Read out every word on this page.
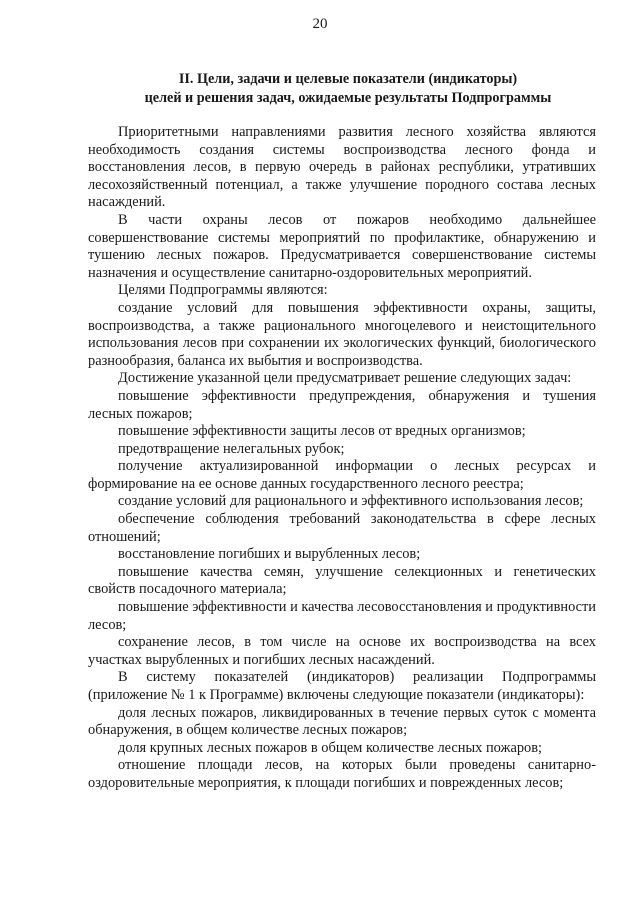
20
II. Цели, задачи и целевые показатели (индикаторы)
целей и решения задач, ожидаемые результаты Подпрограммы

Приоритетными направлениями развития лесного хозяйства являются необходимость создания системы воспроизводства лесного фонда и восстановления лесов, в первую очередь в районах республики, утративших лесохозяйственный потенциал, а также улучшение породного состава лесных насаждений.

В части охраны лесов от пожаров необходимо дальнейшее совершенствование системы мероприятий по профилактике, обнаружению и тушению лесных пожаров. Предусматривается совершенствование системы назначения и осуществление санитарно-оздоровительных мероприятий.

Целями Подпрограммы являются:

создание условий для повышения эффективности охраны, защиты, воспроизводства, а также рационального многоцелевого и неистощительного использования лесов при сохранении их экологических функций, биологического разнообразия, баланса их выбытия и воспроизводства.

Достижение указанной цели предусматривает решение следующих задач:

повышение эффективности предупреждения, обнаружения и тушения лесных пожаров;

повышение эффективности защиты лесов от вредных организмов;

предотвращение нелегальных рубок;

получение актуализированной информации о лесных ресурсах и формирование на ее основе данных государственного лесного реестра;

создание условий для рационального и эффективного использования лесов;

обеспечение соблюдения требований законодательства в сфере лесных отношений;

восстановление погибших и вырубленных лесов;

повышение качества семян, улучшение селекционных и генетических свойств посадочного материала;

повышение эффективности и качества лесовосстановления и продуктивности лесов;

сохранение лесов, в том числе на основе их воспроизводства на всех участках вырубленных и погибших лесных насаждений.

В систему показателей (индикаторов) реализации Подпрограммы (приложение № 1 к Программе) включены следующие показатели (индикаторы):

доля лесных пожаров, ликвидированных в течение первых суток с момента обнаружения, в общем количестве лесных пожаров;

доля крупных лесных пожаров в общем количестве лесных пожаров;

отношение площади лесов, на которых были проведены санитарно-оздоровительные мероприятия, к площади погибших и поврежденных лесов;
